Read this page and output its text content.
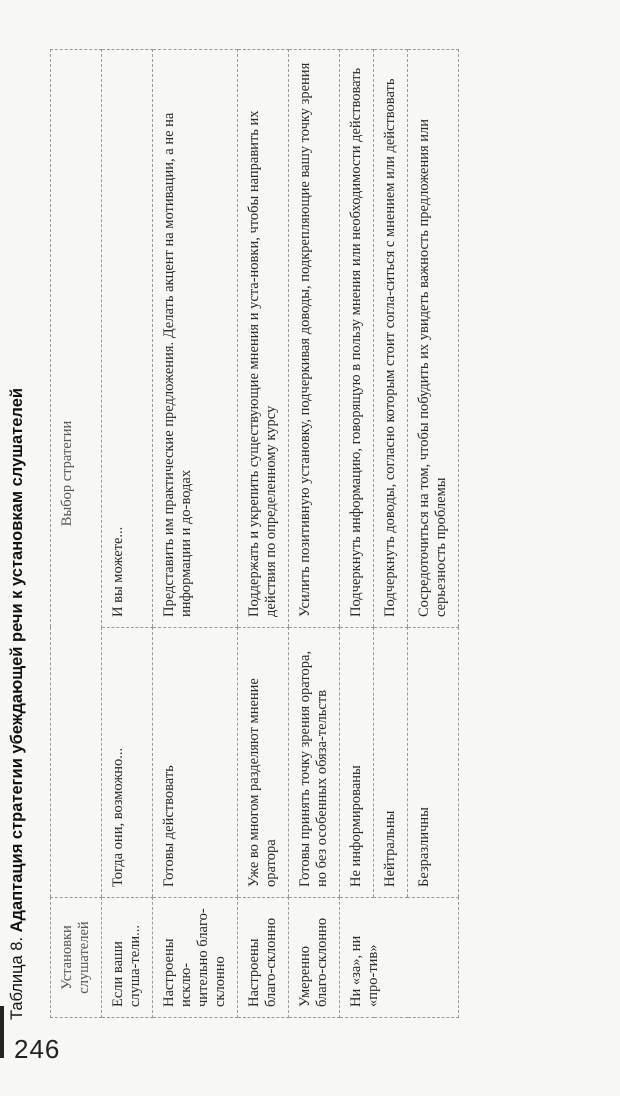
246
Таблица 8. Адаптация стратегии убеждающей речи к установкам слушателей
Установки слушателей	Выбор стратегии	
Если ваши слуша-тели...	Тогда они, возможно...	И вы можете...
Настроены исклю-чительно благо-склонно	Готовы действовать	Представить им практические предложения. Делать акцент на мотивации, а не на информации и до-водах
Настроены благо-склонно	Уже во многом разделяют мнение оратора	Поддержать и укрепить существующие мнения и уста-новки, чтобы направить их действия по определенному курсу
Умеренно благо-склонно	Готовы принять точку зрения оратора, но без особенных обяза-тельств	Усилить позитивную установку, подчеркивая доводы, подкрепляющие вашу точку зрения
Ни «за», ни «про-тив»	Не информированы	Подчеркнуть информацию, говорящую в пользу мнения или необходимости действовать
	Нейтральны	Подчеркнуть доводы, согласно которым стоит согла-ситься с мнением или действовать
	Безразличны	Сосредоточиться на том, чтобы побудить их увидеть важность предложения или серьезность проблемы
